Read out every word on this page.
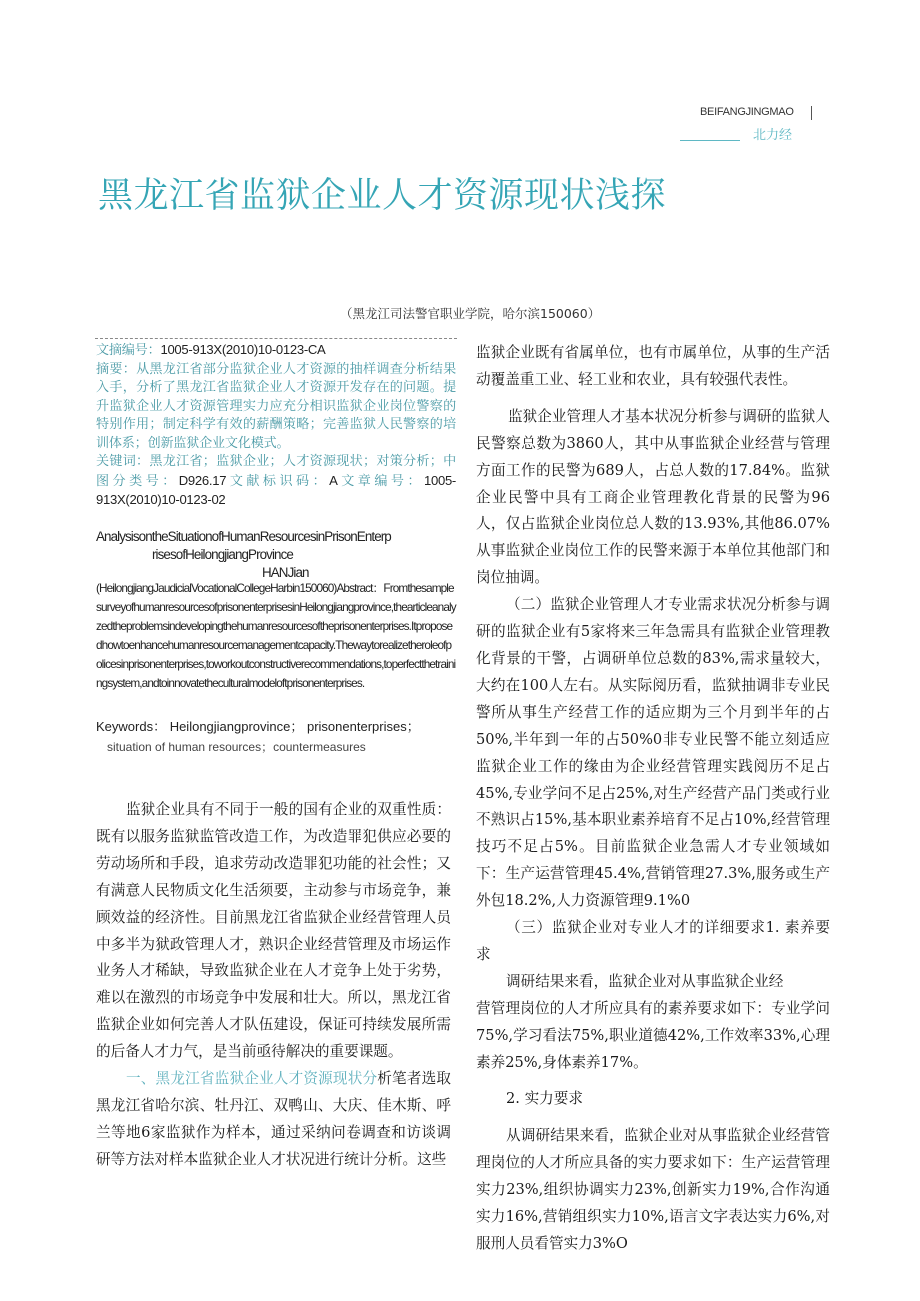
BEIFANGJINGMAO
北力经
黑龙江省监狱企业人才资源现状浅探
（黑龙江司法警官职业学院，哈尔滨150060）
文摘编号：1005-913X(2010)10-0123-CA
摘要：从黑龙江省部分监狱企业人才资源的抽样调查分析结果入手，分析了黑龙江省监狱企业人才资源开发存在的问题。提升监狱企业人才资源管理实力应充分相识监狱企业岗位警察的特别作用；制定科学有效的薪酬策略；完善监狱人民警察的培训体系；创新监狱企业文化模式。
关键词：黑龙江省；监狱企业；人才资源现状；对策分析；中图分类号：D926.17文献标识码：A文章编号：1005-913X(2010)10-0123-02
AnalysisontheSituationofHumanResourcesinPrisonEnterp
risesofHeilongjiangProvince
HANJian
(HeilongjiangJaudicialVocationalCollegeHarbin150060)Abstract：FromthesamplesurveyofhumanresourcesofprisonenterprisesinHeilongjiangprovince,thearticleanalyzedtheproblemsindevelopingthehumanresourcesoftheprisonenterprises.Itproposedhowtoenhancehumanresourcemanagementcapacity.Thewaytorealizetheroleofpolicesinprisonenterprises,toworkoutconstructiverecommendations,toperfectthetrainingsystem,andtoinnovatetheculturalmodeloftprisonenterprises.
Keywords： Heilongjiangprovince； prisonenterprises；
situation of human resources；countermeasures

监狱企业具有不同于一般的国有企业的双重性质：既有以服务监狱监管改造工作，为改造罪犯供应必要的劳动场所和手段，追求劳动改造罪犯功能的社会性；又有满意人民物质文化生活须要，主动参与市场竞争，兼顾效益的经济性。目前黑龙江省监狱企业经营管理人员中多半为狱政管理人才，熟识企业经营管理及市场运作业务人才稀缺，导致监狱企业在人才竞争上处于劣势，难以在激烈的市场竞争中发展和壮大。所以，黑龙江省监狱企业如何完善人才队伍建设，保证可持续发展所需的后备人才力气，是当前亟待解决的重要课题。

一、黑龙江省监狱企业人才资源现状分析笔者选取黑龙江省哈尔滨、牡丹江、双鸭山、大庆、佳木斯、呼兰等地6家监狱作为样本，通过采纳问卷调查和访谈调研等方法对样本监狱企业人才状况进行统计分析。这些

监狱企业既有省属单位，也有市属单位，从事的生产活动覆盖重工业、轻工业和农业，具有较强代表性。

监狱企业管理人才基本状况分析参与调研的监狱人民警察总数为3860人，其中从事监狱企业经营与管理方面工作的民警为689人，占总人数的17.84%。监狱企业民警中具有工商企业管理教化背景的民警为96人，仅占监狱企业岗位总人数的13.93%,其他86.07%从事监狱企业岗位工作的民警来源于本单位其他部门和岗位抽调。

（二）监狱企业管理人才专业需求状况分析参与调研的监狱企业有5家将来三年急需具有监狱企业管理教化背景的干警，占调研单位总数的83%,需求量较大，大约在100人左右。从实际阅历看，监狱抽调非专业民警所从事生产经营工作的适应期为三个月到半年的占50%,半年到一年的占50%0非专业民警不能立刻适应监狱企业工作的缘由为企业经营管理实践阅历不足占45%,专业学问不足占25%,对生产经营产品门类或行业不熟识占15%,基本职业素养培育不足占10%,经营管理技巧不足占5%。目前监狱企业急需人才专业领域如下：生产运营管理45.4%,营销管理27.3%,服务或生产外包18.2%,人力资源管理9.1%0

（三）监狱企业对专业人才的详细要求1. 素养要求

调研结果来看，监狱企业对从事监狱企业经

营管理岗位的人才所应具有的素养要求如下：专业学问75%,学习看法75%,职业道德42%,工作效率33%,心理素养25%,身体素养17%。

2. 实力要求

从调研结果来看，监狱企业对从事监狱企业经营管理岗位的人才所应具备的实力要求如下：生产运营管理实力23%,组织协调实力23%,创新实力19%,合作沟通实力16%,营销组织实力10%,语言文字表达实力6%,对服刑人员看管实力3%O
